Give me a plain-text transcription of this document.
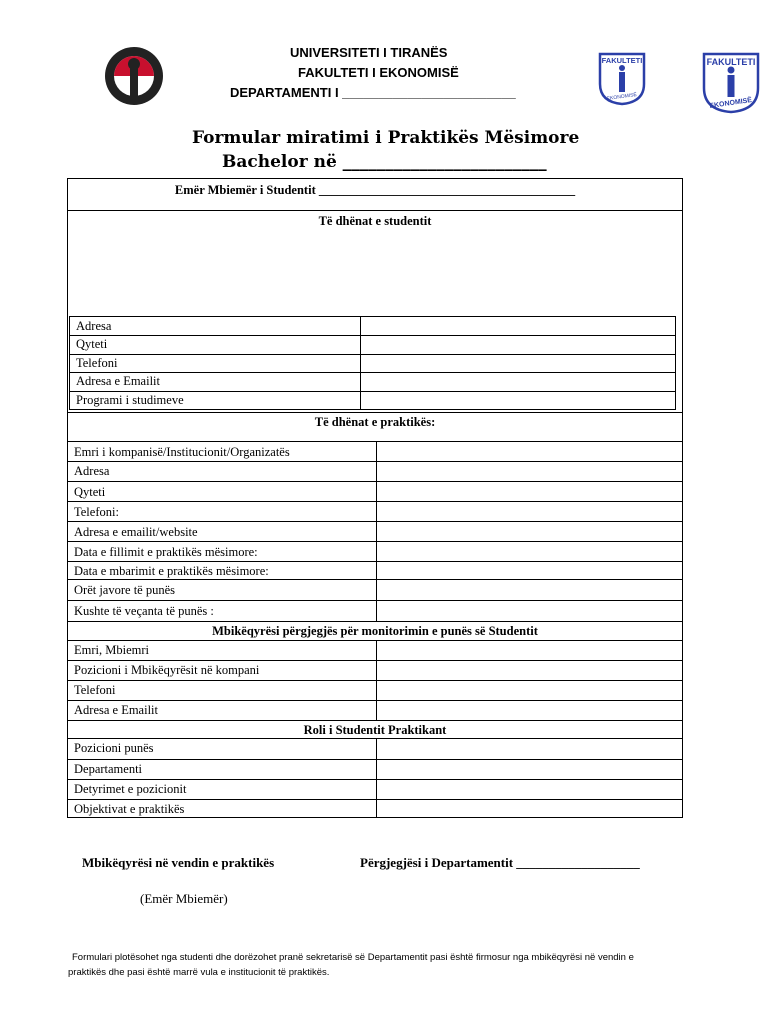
UNIVERSITETI I TIRANËS
FAKULTETI I EKONOMISË
DEPARTAMENTI I ________________________
FAKULTETI
EKONOMISË
FAKULTETI
EKONOMISË
Formular miratimi i Praktikës Mësimore
Bachelor në ________________________
Emër Mbiemër i Studentit _________________________________________
Të dhënat e studentit
Adresa
Qyteti
Telefoni
Adresa e Emailit
Programi i studimeve
Të dhënat e praktikës:
Emri i kompanisë/Institucionit/Organizatës
Adresa
Qyteti
Telefoni:
Adresa e emailit/website
Data e fillimit e praktikës mësimore:
Data e mbarimit e praktikës mësimore:
Orët javore të punës
Kushte të veçanta të punës :
Mbikëqyrësi përgjegjës për monitorimin e punës së Studentit
Emri, Mbiemri
Pozicioni i Mbikëqyrësit në kompani
Telefoni
Adresa e Emailit
Roli i Studentit Praktikant
Pozicioni punës
Departamenti
Detyrimet e pozicionit
Objektivat e praktikës
Mbikëqyrësi në vendin e praktikës	Përgjegjësi i Departamentit ___________________
(Emër Mbiemër)
Formulari plotësohet nga studenti dhe dorëzohet pranë sekretarisë së Departamentit pasi është firmosur nga mbikëqyrësi në vendin e praktikës dhe pasi është marrë vula e institucionit të praktikës.
